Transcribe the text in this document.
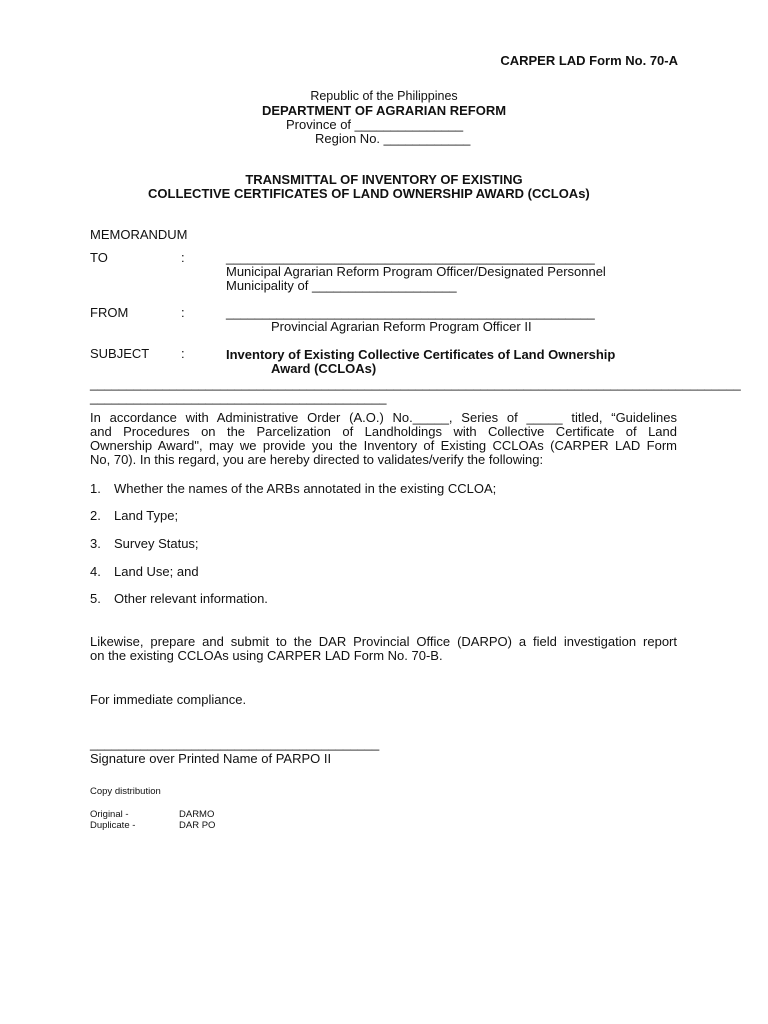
CARPER LAD Form No. 70-A
Republic of the Philippines
DEPARTMENT OF AGRARIAN REFORM
Province of _______________
Region No. ____________
TRANSMITTAL OF INVENTORY OF EXISTING
COLLECTIVE CERTIFICATES OF LAND OWNERSHIP AWARD (CCLOAs)
MEMORANDUM
TO	:	___________________________________________________
Municipal Agrarian Reform Program Officer/Designated Personnel
Municipality of ____________________
FROM	:	___________________________________________________
Provincial Agrarian Reform Program Officer II
SUBJECT :	Inventory of Existing Collective Certificates of Land Ownership
Award (CCLOAs)
__________________________________________________________________________________________
_________________________________________
In accordance with Administrative Order (A.O.) No._____, Series of _____ titled, “Guidelines
and Procedures on the Parcelization of Landholdings with Collective Certificate of Land
Ownership Award", may we provide you the Inventory of Existing CCLOAs (CARPER LAD Form
No, 70). In this regard, you are hereby directed to validates/verify the following:
1. Whether the names of the ARBs annotated in the existing CCLOA;
2. Land Type;
3. Survey Status;
4. Land Use; and
5. Other relevant information.
Likewise, prepare and submit to the DAR Provincial Office (DARPO) a field investigation report
on the existing CCLOAs using CARPER LAD Form No. 70-B.
For immediate compliance.
________________________________________
Signature over Printed Name of PARPO II
Copy distribution
Original -	DARMO
Duplicate -	DAR PO
